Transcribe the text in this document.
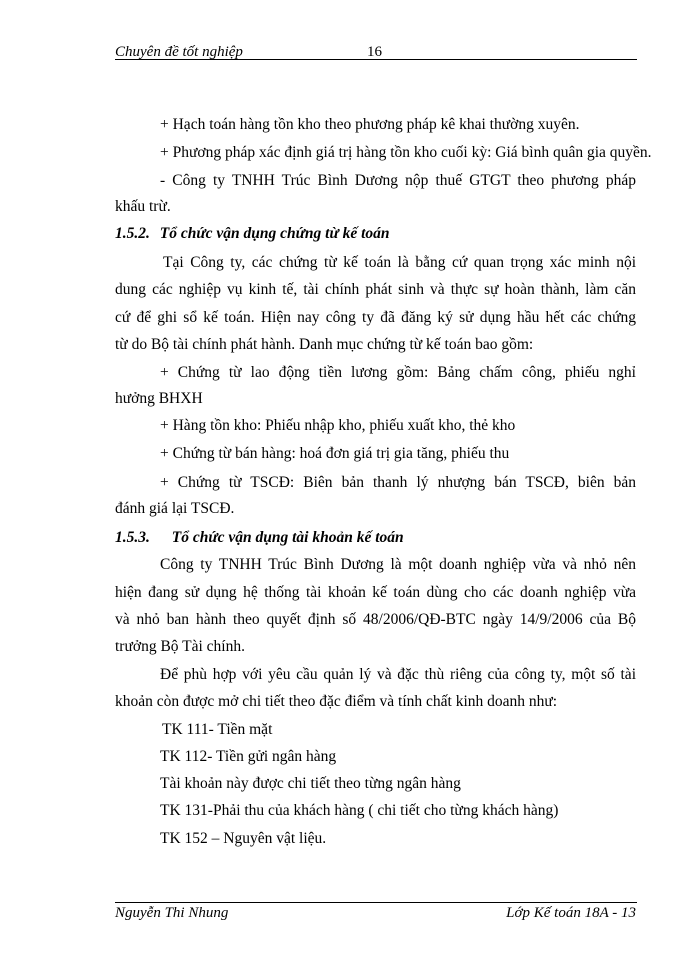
Chuyên đề tốt nghiệp	16
+ Hạch toán hàng tồn kho theo phương pháp kê khai thường xuyên.
+ Phương pháp xác định giá trị hàng tồn kho cuối kỳ: Giá bình quân gia quyền.
- Công ty TNHH Trúc Bình Dương nộp thuế GTGT theo phương pháp
khấu trừ.
1.5.2. Tổ chức vận dụng chứng từ kế toán
Tại Công ty, các chứng từ kế toán là bằng cứ quan trọng xác minh nội
dung các nghiệp vụ kinh tế, tài chính phát sinh và thực sự hoàn thành, làm căn
cứ để ghi sổ kế toán. Hiện nay công ty đã đăng ký sử dụng hầu hết các chứng
từ do Bộ tài chính phát hành. Danh mục chứng từ kế toán bao gồm:
+ Chứng từ lao động tiền lương gồm: Bảng chấm công, phiếu nghỉ
hưởng BHXH
+ Hàng tồn kho: Phiếu nhập kho, phiếu xuất kho, thẻ kho
+ Chứng từ bán hàng: hoá đơn giá trị gia tăng, phiếu thu
+ Chứng từ TSCĐ: Biên bản thanh lý nhượng bán TSCĐ, biên bản
đánh giá lại TSCĐ.
1.5.3. Tổ chức vận dụng tài khoản kế toán
Công ty TNHH Trúc Bình Dương là một doanh nghiệp vừa và nhỏ nên
hiện đang sử dụng hệ thống tài khoản kế toán dùng cho các doanh nghiệp vừa
và nhỏ ban hành theo quyết định số 48/2006/QĐ-BTC ngày 14/9/2006 của Bộ
trưởng Bộ Tài chính.
Để phù hợp với yêu cầu quản lý và đặc thù riêng của công ty, một số tài
khoản còn được mở chi tiết theo đặc điểm và tính chất kinh doanh như:
TK 111- Tiền mặt
TK 112- Tiền gửi ngân hàng
Tài khoản này được chi tiết theo từng ngân hàng
TK 131-Phải thu của khách hàng ( chi tiết cho từng khách hàng)
TK 152 – Nguyên vật liệu.
Nguyễn Thi Nhung	Lớp Kế toán 18A - 13
